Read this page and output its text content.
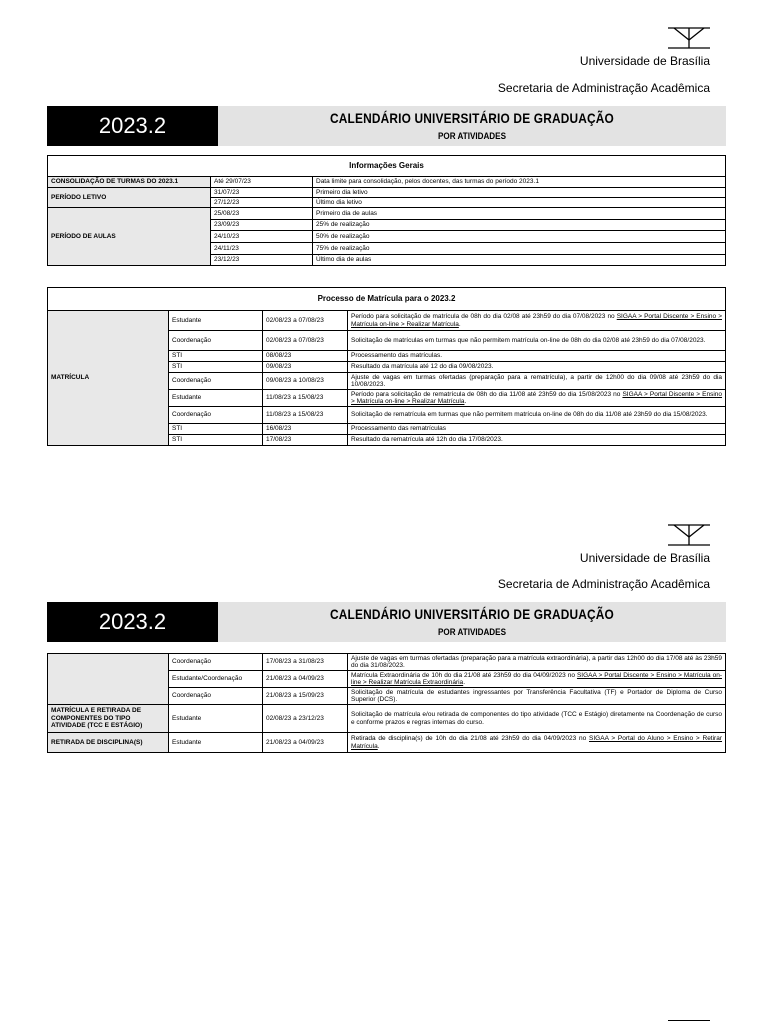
Universidade de Brasília
Secretaria de Administração Acadêmica
2023.2	CALENDÁRIO UNIVERSITÁRIO DE GRADUAÇÃO
POR ATIVIDADES
Informações Gerais		
CONSOLIDAÇÃO DE TURMAS DO 2023.1	Até 29/07/23	Data limite para consolidação, pelos docentes, das turmas do período 2023.1
PERÍODO LETIVO	31/07/23	Primeiro dia letivo
	27/12/23	Último dia letivo
PERÍODO DE AULAS	25/08/23	Primeiro dia de aulas
	23/09/23	25% de realização
	24/10/23	50% de realização
	24/11/23	75% de realização
	23/12/23	Último dia de aulas
Processo de Matrícula para o 2023.2			
MATRÍCULA	Estudante	02/08/23 a 07/08/23	Período para solicitação de matrícula de 08h do dia 02/08 até 23h59 do dia 07/08/2023 no SIGAA > Portal Discente > Ensino > Matrícula on-line > Realizar Matrícula.
	Coordenação	02/08/23 a 07/08/23	Solicitação de matrículas em turmas que não permitem matrícula on-line de 08h do dia 02/08 até 23h59 do dia 07/08/2023.
	STI	08/08/23	Processamento das matrículas.
	STI	09/08/23	Resultado da matrícula até 12 do dia 09/08/2023.
	Coordenação	09/08/23 a 10/08/23	Ajuste de vagas em turmas ofertadas (preparação para a rematrícula), a partir de 12h00 do dia 09/08 até 23h59 do dia 10/08/2023.
	Estudante	11/08/23 a 15/08/23	Período para solicitação de rematrícula de 08h do dia 11/08 até 23h59 do dia 15/08/2023 no SIGAA > Portal Discente > Ensino > Matrícula on-line > Realizar Matrícula.
	Coordenação	11/08/23 a 15/08/23	Solicitação de rematrícula em turmas que não permitem matrícula on-line de 08h do dia 11/08 até 23h59 do dia 15/08/2023.
	STI	16/08/23	Processamento das rematrículas
	STI	17/08/23	Resultado da rematrícula até 12h do dia 17/08/2023.
Universidade de Brasília
Secretaria de Administração Acadêmica
2023.2	CALENDÁRIO UNIVERSITÁRIO DE GRADUAÇÃO
POR ATIVIDADES
	Coordenação	17/08/23 a 31/08/23	Ajuste de vagas em turmas ofertadas (preparação para a matrícula extraordinária), a partir das 12h00 do dia 17/08 até às 23h59 do dia 31/08/2023.
	Estudante/Coordenação	21/08/23 a 04/09/23	Matrícula Extraordinária de 10h do dia 21/08 até 23h59 do dia 04/09/2023 no SIGAA > Portal Discente > Ensino > Matrícula on-line > Realizar Matrícula Extraordinária.
	Coordenação	21/08/23 a 15/09/23	Solicitação de matrícula de estudantes ingressantes por Transferência Facultativa (TF) e Portador de Diploma de Curso Superior (DCS).
MATRÍCULA E RETIRADA DE COMPONENTES DO TIPO ATIVIDADE (TCC E ESTÁGIO)	Estudante	02/08/23 a 23/12/23	Solicitação de matrícula e/ou retirada de componentes do tipo atividade (TCC e Estágio) diretamente na Coordenação de curso e conforme prazos e regras internas do curso.
RETIRADA DE DISCIPLINA(S)	Estudante	21/08/23 a 04/09/23	Retirada de disciplina(s) de 10h do dia 21/08 até 23h59 do dia 04/09/2023 no SIGAA > Portal do Aluno > Ensino > Retirar Matrícula.
